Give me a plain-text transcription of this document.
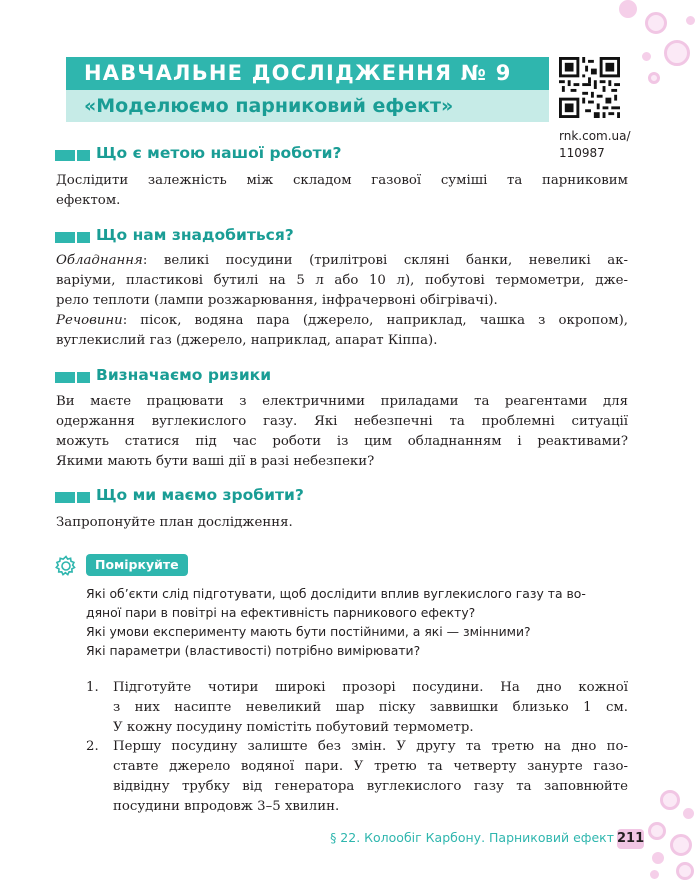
НАВЧАЛЬНЕ ДОСЛІДЖЕННЯ № 9
«Моделюємо парниковий ефект»
rnk.com.ua/
110987
Що є метою нашої роботи?
Дослідити залежність між складом газової суміші та парниковим
ефектом.
Що нам знадобиться?
Обладнання: великі посудини (трилітрові скляні банки, невеликі ак-
варіуми, пластикові бутилі на 5 л або 10 л), побутові термометри, дже-
рело теплоти (лампи розжарювання, інфрачервоні обігрівачі).
Речовини: пісок, водяна пара (джерело, наприклад, чашка з окропом),
вуглекислий газ (джерело, наприклад, апарат Кіппа).
Визначаємо ризики
Ви маєте працювати з електричними приладами та реагентами для
одержання вуглекислого газу. Які небезпечні та проблемні ситуації
можуть статися під час роботи із цим обладнанням і реактивами?
Якими мають бути ваші дії в разі небезпеки?
Що ми маємо зробити?
Запропонуйте план дослідження.
Поміркуйте
Які об’єкти слід підготувати, щоб дослідити вплив вуглекислого газу та во-
дяної пари в повітрі на ефективність парникового ефекту?
Які умови експерименту мають бути постійними, а які — змінними?
Які параметри (властивості) потрібно вимірювати?
1. Підготуйте чотири широкі прозорі посудини. На дно кожної
з них насипте невеликий шар піску заввишки близько 1 см.
У кожну посудину помістіть побутовий термометр.
2. Першу посудину залиште без змін. У другу та третю на дно по-
ставте джерело водяної пари. У третю та четверту занурте газо-
відвідну трубку від генератора вуглекислого газу та заповнюйте
посудини впродовж 3–5 хвилин.
§ 22. Колообіг Карбону. Парниковий ефект 211
